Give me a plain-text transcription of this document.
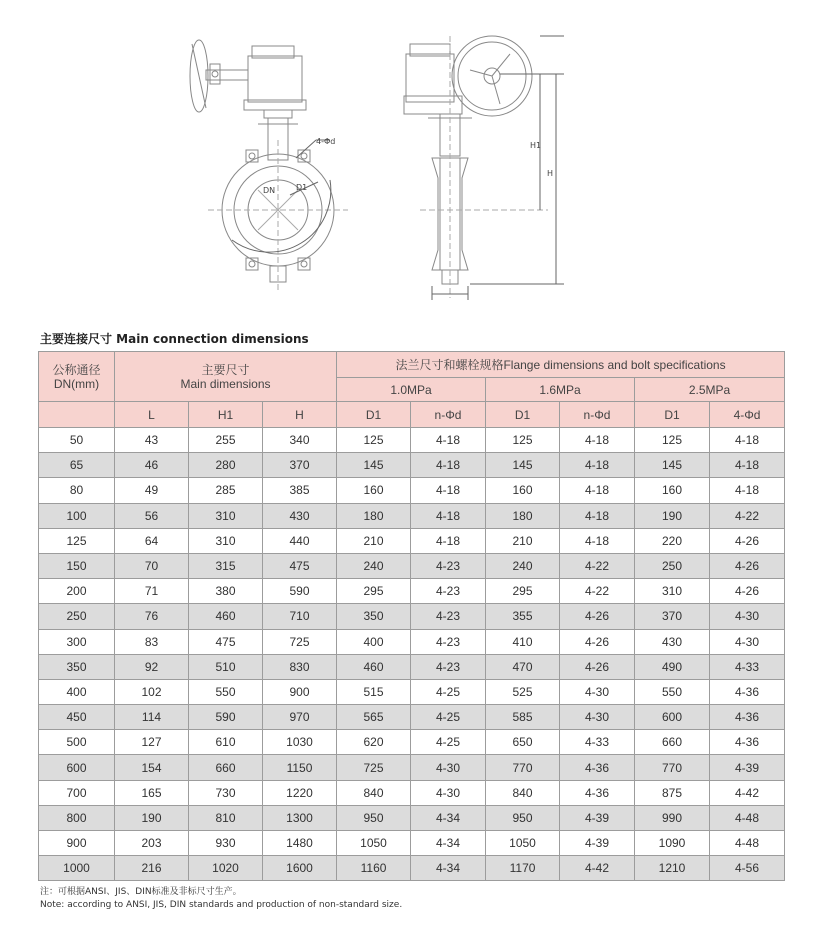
4-Φd
DN	D1
H1
H
主要连接尺寸 Main connection dimensions
公称通径
DN(mm)	主要尺寸
Main dimensions			法兰尺寸和螺栓规格Flange dimensions and bolt specifications					
				1.0MPa		1.6MPa		2.5MPa	
	L	H1	H	D1	n-Φd	D1	n-Φd	D1	4-Φd
50	43	255	340	125	4-18	125	4-18	125	4-18
65	46	280	370	145	4-18	145	4-18	145	4-18
80	49	285	385	160	4-18	160	4-18	160	4-18
100	56	310	430	180	4-18	180	4-18	190	4-22
125	64	310	440	210	4-18	210	4-18	220	4-26
150	70	315	475	240	4-23	240	4-22	250	4-26
200	71	380	590	295	4-23	295	4-22	310	4-26
250	76	460	710	350	4-23	355	4-26	370	4-30
300	83	475	725	400	4-23	410	4-26	430	4-30
350	92	510	830	460	4-23	470	4-26	490	4-33
400	102	550	900	515	4-25	525	4-30	550	4-36
450	114	590	970	565	4-25	585	4-30	600	4-36
500	127	610	1030	620	4-25	650	4-33	660	4-36
600	154	660	1150	725	4-30	770	4-36	770	4-39
700	165	730	1220	840	4-30	840	4-36	875	4-42
800	190	810	1300	950	4-34	950	4-39	990	4-48
900	203	930	1480	1050	4-34	1050	4-39	1090	4-48
1000	216	1020	1600	1160	4-34	1170	4-42	1210	4-56
注：可根据ANSI、JIS、DIN标准及非标尺寸生产。
Note: according to ANSI, JIS, DIN standards and production of non-standard size.
